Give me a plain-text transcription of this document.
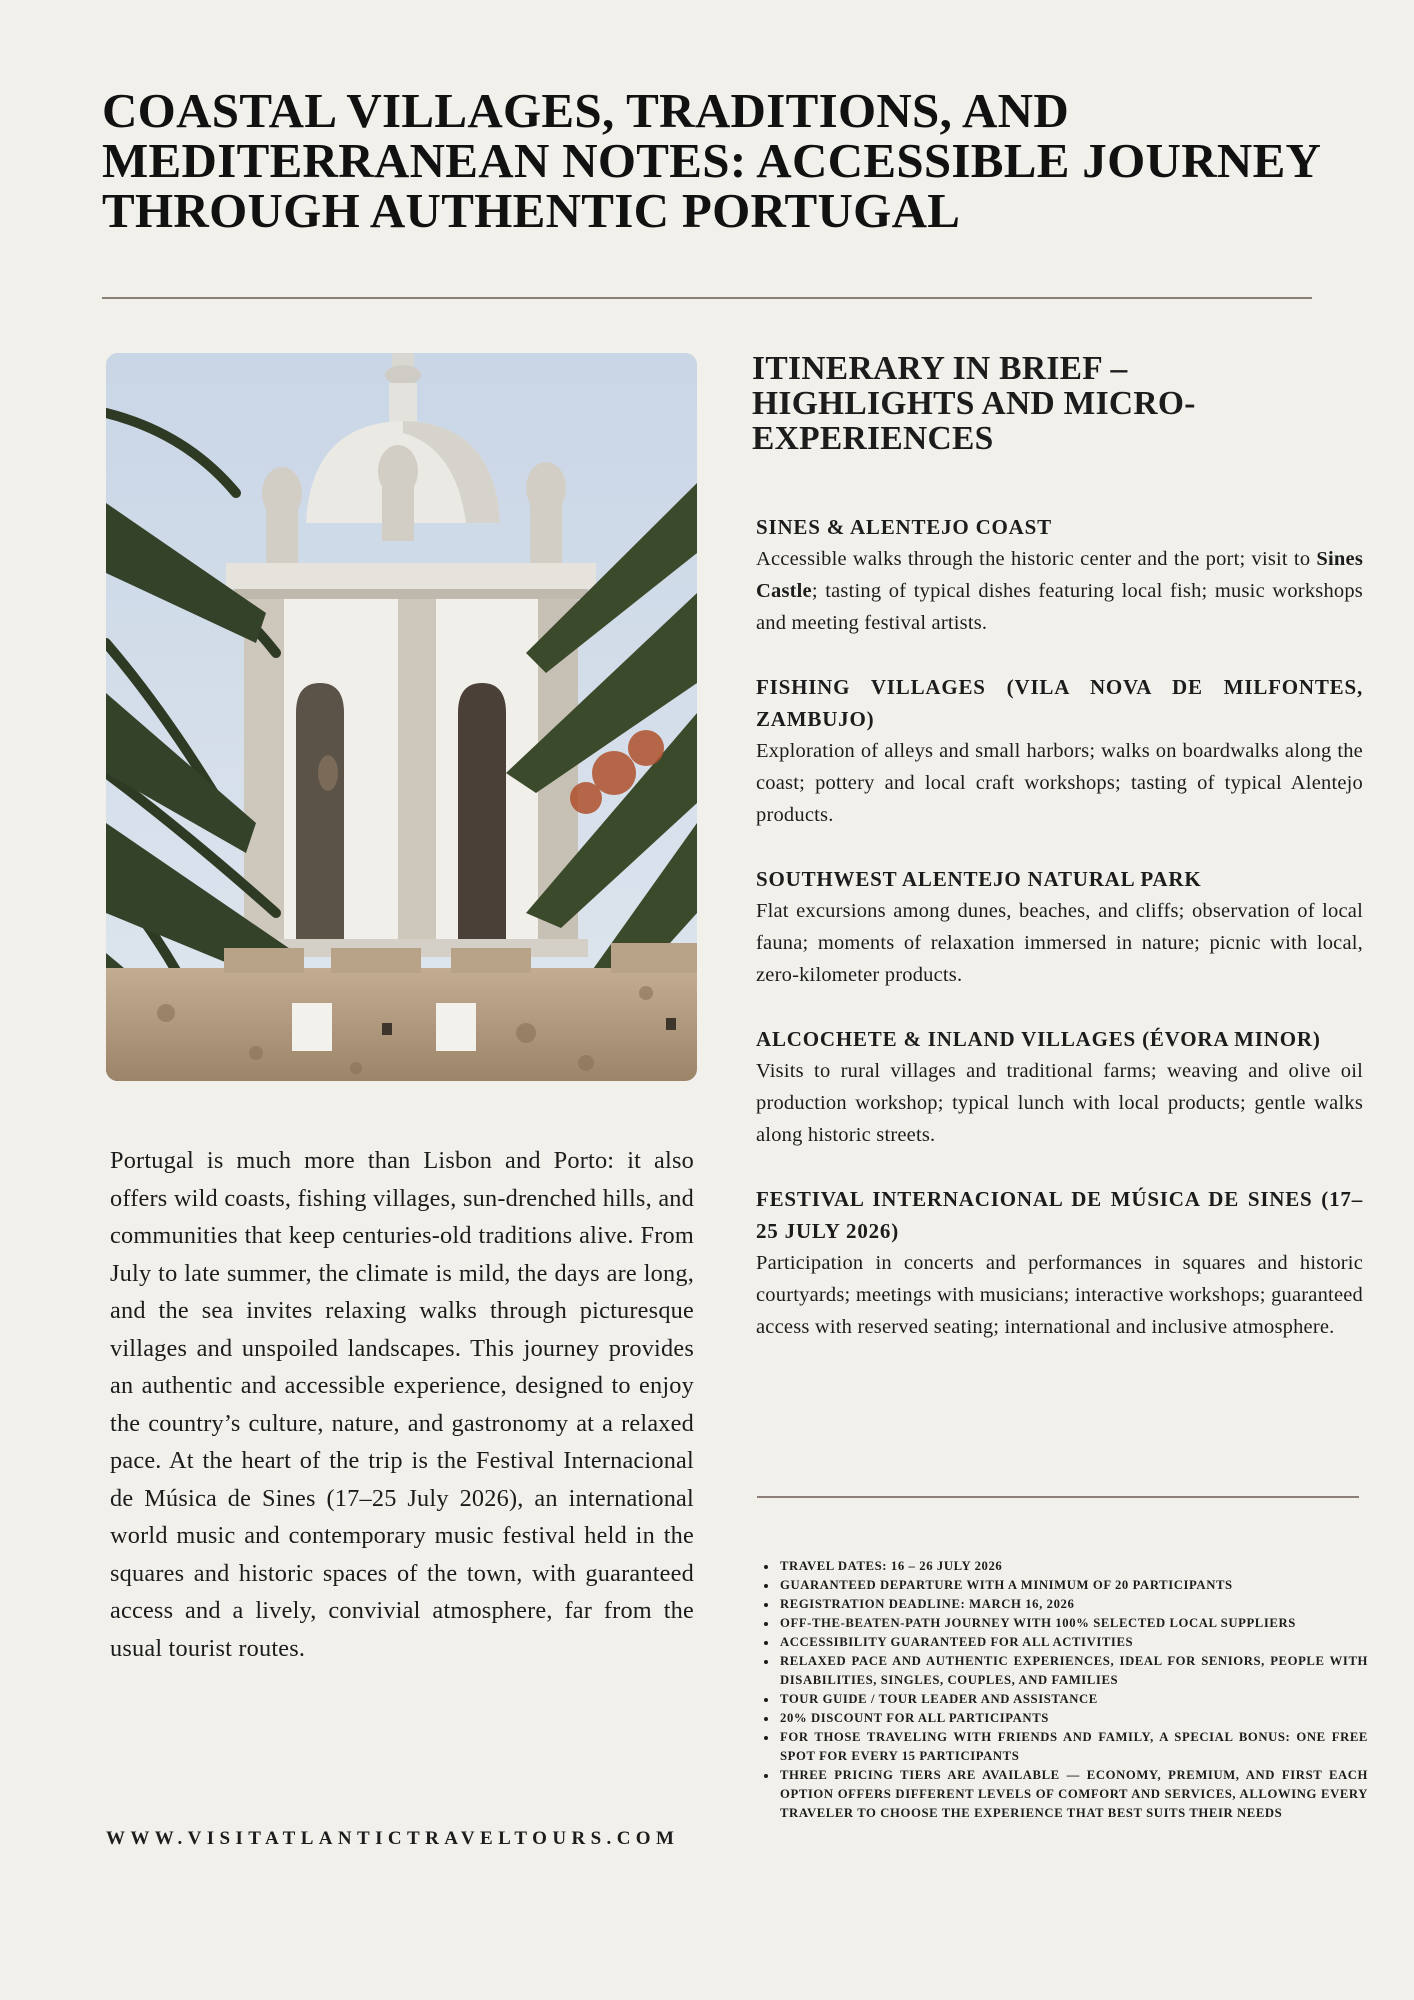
COASTAL VILLAGES, TRADITIONS, AND MEDITERRANEAN NOTES: ACCESSIBLE JOURNEY THROUGH AUTHENTIC PORTUGAL

Portugal is much more than Lisbon and Porto: it also offers wild coasts, fishing villages, sun-drenched hills, and communities that keep centuries-old traditions alive. From July to late summer, the climate is mild, the days are long, and the sea invites relaxing walks through picturesque villages and unspoiled landscapes. This journey provides an authentic and accessible experience, designed to enjoy the country’s culture, nature, and gastronomy at a relaxed pace. At the heart of the trip is the Festival Internacional de Música de Sines (17–25 July 2026), an international world music and contemporary music festival held in the squares and historic spaces of the town, with guaranteed access and a lively, convivial atmosphere, far from the usual tourist routes.

WWW.VISITATLANTICTRAVELTOURS.COM

ITINERARY IN BRIEF – HIGHLIGHTS AND MICRO-EXPERIENCES

SINES & ALENTEJO COAST

Accessible walks through the historic center and the port; visit to Sines Castle; tasting of typical dishes featuring local fish; music workshops and meeting festival artists.

FISHING VILLAGES (VILA NOVA DE MILFONTES, ZAMBUJO)

Exploration of alleys and small harbors; walks on boardwalks along the coast; pottery and local craft workshops; tasting of typical Alentejo products.

SOUTHWEST ALENTEJO NATURAL PARK

Flat excursions among dunes, beaches, and cliffs; observation of local fauna; moments of relaxation immersed in nature; picnic with local, zero-kilometer products.

ALCOCHETE & INLAND VILLAGES (ÉVORA MINOR)

Visits to rural villages and traditional farms; weaving and olive oil production workshop; typical lunch with local products; gentle walks along historic streets.

FESTIVAL INTERNACIONAL DE MÚSICA DE SINES (17–25 JULY 2026)

Participation in concerts and performances in squares and historic courtyards; meetings with musicians; interactive workshops; guaranteed access with reserved seating; international and inclusive atmosphere.

• TRAVEL DATES: 16 – 26 JULY 2026
• GUARANTEED DEPARTURE WITH A MINIMUM OF 20 PARTICIPANTS
• REGISTRATION DEADLINE: MARCH 16, 2026
• OFF-THE-BEATEN-PATH JOURNEY WITH 100% SELECTED LOCAL SUPPLIERS
• ACCESSIBILITY GUARANTEED FOR ALL ACTIVITIES
• RELAXED PACE AND AUTHENTIC EXPERIENCES, IDEAL FOR SENIORS, PEOPLE WITH DISABILITIES, SINGLES, COUPLES, AND FAMILIES
• TOUR GUIDE / TOUR LEADER AND ASSISTANCE
• 20% DISCOUNT FOR ALL PARTICIPANTS
• FOR THOSE TRAVELING WITH FRIENDS AND FAMILY, A SPECIAL BONUS: ONE FREE SPOT FOR EVERY 15 PARTICIPANTS
• THREE PRICING TIERS ARE AVAILABLE — ECONOMY, PREMIUM, AND FIRST EACH OPTION OFFERS DIFFERENT LEVELS OF COMFORT AND SERVICES, ALLOWING EVERY TRAVELER TO CHOOSE THE EXPERIENCE THAT BEST SUITS THEIR NEEDS
